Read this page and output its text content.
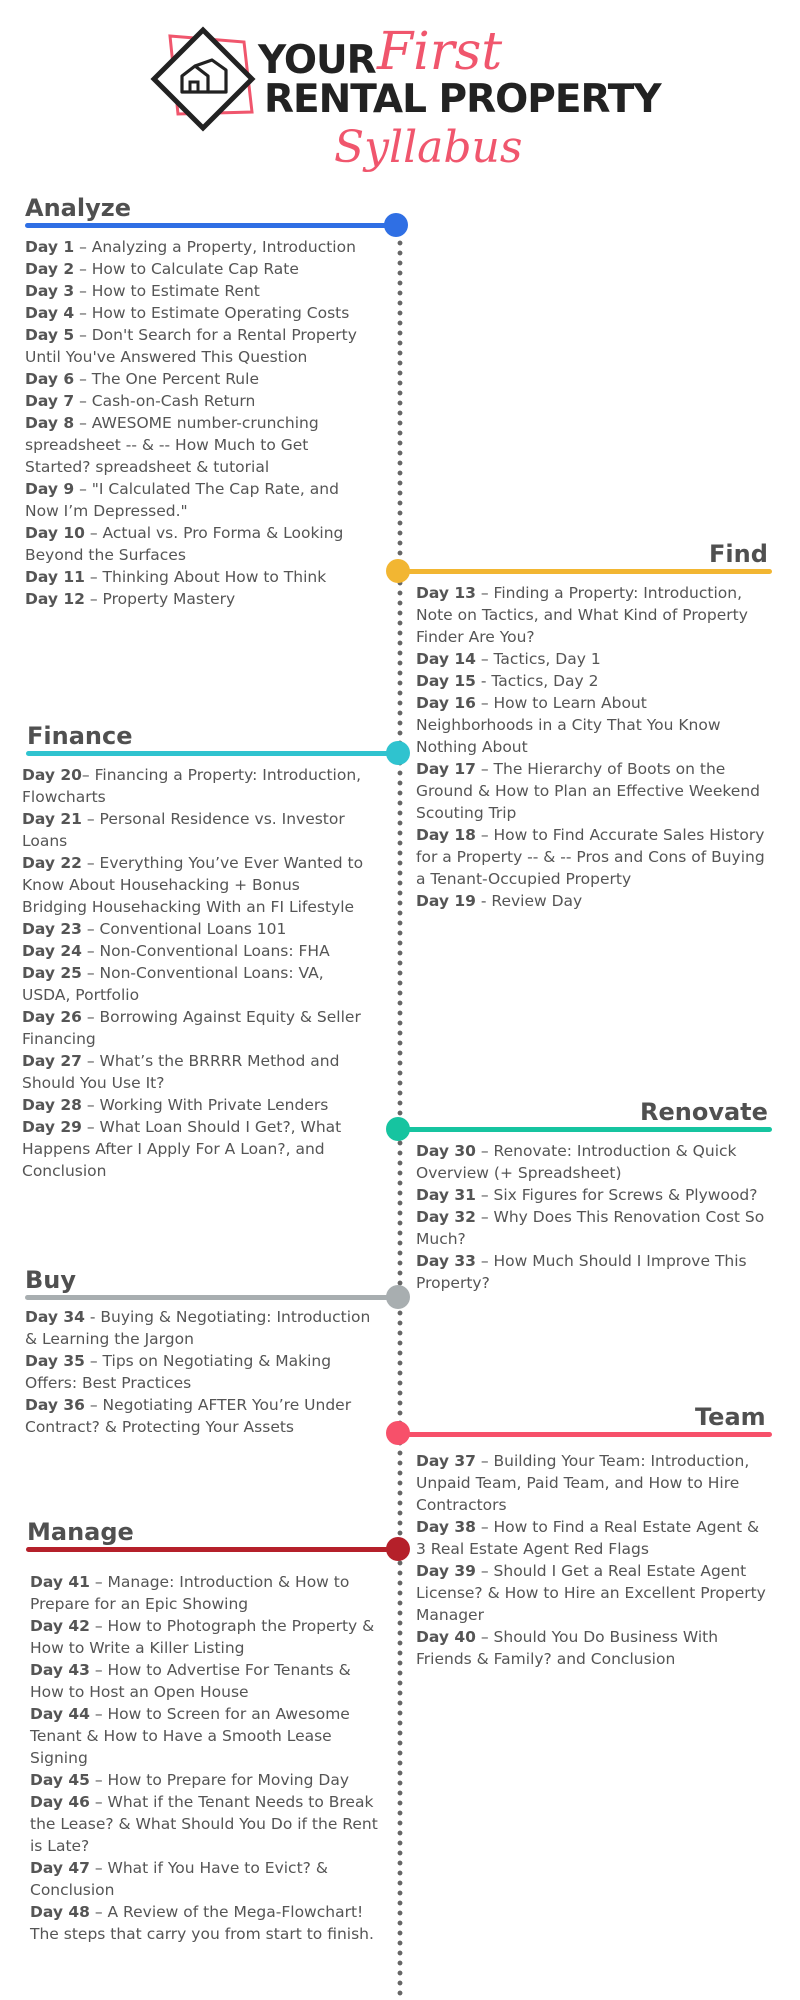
YOUR First
RENTAL PROPERTY
Syllabus
Analyze
Day 1 – Analyzing a Property, Introduction
Day 2 – How to Calculate Cap Rate
Day 3 – How to Estimate Rent
Day 4 – How to Estimate Operating Costs
Day 5 – Don't Search for a Rental Property Until You've Answered This Question
Day 6 – The One Percent Rule
Day 7 – Cash-on-Cash Return
Day 8 – AWESOME number-crunching spreadsheet -- & -- How Much to Get Started? spreadsheet & tutorial
Day 9 – "I Calculated The Cap Rate, and Now I’m Depressed."
Day 10 – Actual vs. Pro Forma & Looking Beyond the Surfaces
Day 11 – Thinking About How to Think
Day 12 – Property Mastery
Find
Day 13 – Finding a Property: Introduction, Note on Tactics, and What Kind of Property Finder Are You?
Day 14 – Tactics, Day 1
Day 15 - Tactics, Day 2
Day 16 – How to Learn About Neighborhoods in a City That You Know Nothing About
Day 17 – The Hierarchy of Boots on the Ground & How to Plan an Effective Weekend Scouting Trip
Day 18 – How to Find Accurate Sales History for a Property -- & -- Pros and Cons of Buying a Tenant-Occupied Property
Day 19 - Review Day
Finance
Day 20– Financing a Property: Introduction, Flowcharts
Day 21 – Personal Residence vs. Investor Loans
Day 22 – Everything You’ve Ever Wanted to Know About Househacking + Bonus Bridging Househacking With an FI Lifestyle
Day 23 – Conventional Loans 101
Day 24 – Non-Conventional Loans: FHA
Day 25 – Non-Conventional Loans: VA, USDA, Portfolio
Day 26 – Borrowing Against Equity & Seller Financing
Day 27 – What’s the BRRRR Method and Should You Use It?
Day 28 – Working With Private Lenders
Day 29 – What Loan Should I Get?, What Happens After I Apply For A Loan?, and Conclusion
Renovate
Day 30 – Renovate: Introduction & Quick Overview (+ Spreadsheet)
Day 31 – Six Figures for Screws & Plywood?
Day 32 – Why Does This Renovation Cost So Much?
Day 33 – How Much Should I Improve This Property?
Buy
Day 34 - Buying & Negotiating: Introduction & Learning the Jargon
Day 35 – Tips on Negotiating & Making Offers: Best Practices
Day 36 – Negotiating AFTER You’re Under Contract? & Protecting Your Assets	Team
Day 37 – Building Your Team: Introduction, Unpaid Team, Paid Team, and How to Hire Contractors
Day 38 – How to Find a Real Estate Agent & 3 Real Estate Agent Red Flags
Day 39 – Should I Get a Real Estate Agent License? & How to Hire an Excellent Property Manager
Day 40 – Should You Do Business With Friends & Family? and Conclusion
Manage
Day 41 – Manage: Introduction & How to Prepare for an Epic Showing
Day 42 – How to Photograph the Property & How to Write a Killer Listing
Day 43 – How to Advertise For Tenants & How to Host an Open House
Day 44 – How to Screen for an Awesome Tenant & How to Have a Smooth Lease Signing
Day 45 – How to Prepare for Moving Day
Day 46 – What if the Tenant Needs to Break the Lease? & What Should You Do if the Rent is Late?
Day 47 – What if You Have to Evict? & Conclusion
Day 48 – A Review of the Mega-Flowchart! The steps that carry you from start to finish.
